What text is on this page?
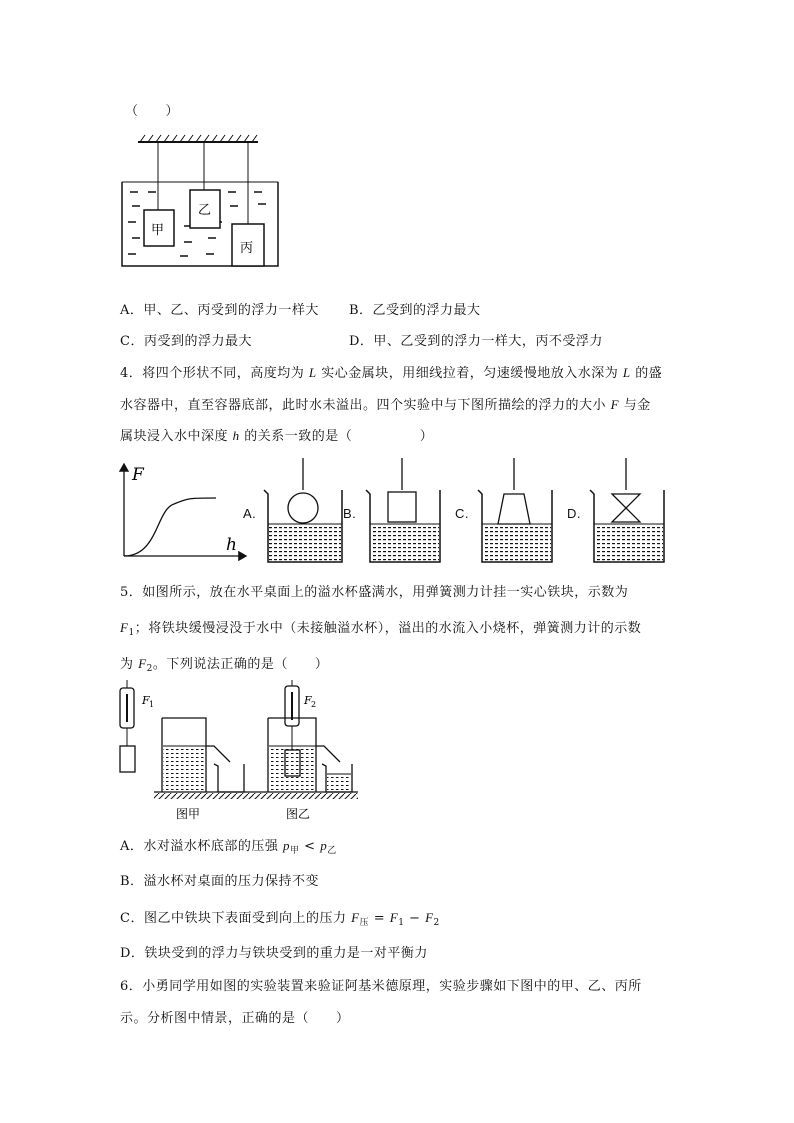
（　　）
甲
乙
丙
A．甲、乙、丙受到的浮力一样大 B．乙受到的浮力最大
C．丙受到的浮力最大	D．甲、乙受到的浮力一样大，丙不受浮力
4．将四个形状不同，高度均为 L 实心金属块，用细线拉着，匀速缓慢地放入水深为 L 的盛
水容器中，直至容器底部，此时水未溢出。四个实验中与下图所描绘的浮力的大小 F 与金
属块浸入水中深度 h 的关系一致的是（　　　　　）
F
h
A.	B.	C.	D.
5．如图所示，放在水平桌面上的溢水杯盛满水，用弹簧测力计挂一实心铁块，示数为
$F_1$；将铁块缓慢浸没于水中（未接触溢水杯），溢出的水流入小烧杯，弹簧测力计的示数
为 $F_2$。下列说法正确的是（　　）
F 1	F 2
图甲	图乙
A．水对溢水杯底部的压强 $p_甲 < p_乙$
B．溢水杯对桌面的压力保持不变
C．图乙中铁块下表面受到向上的压力 $F_压 = F_1 - F_2$
D．铁块受到的浮力与铁块受到的重力是一对平衡力
6．小勇同学用如图的实验装置来验证阿基米德原理，实验步骤如下图中的甲、乙、丙所
示。分析图中情景，正确的是（　　）
